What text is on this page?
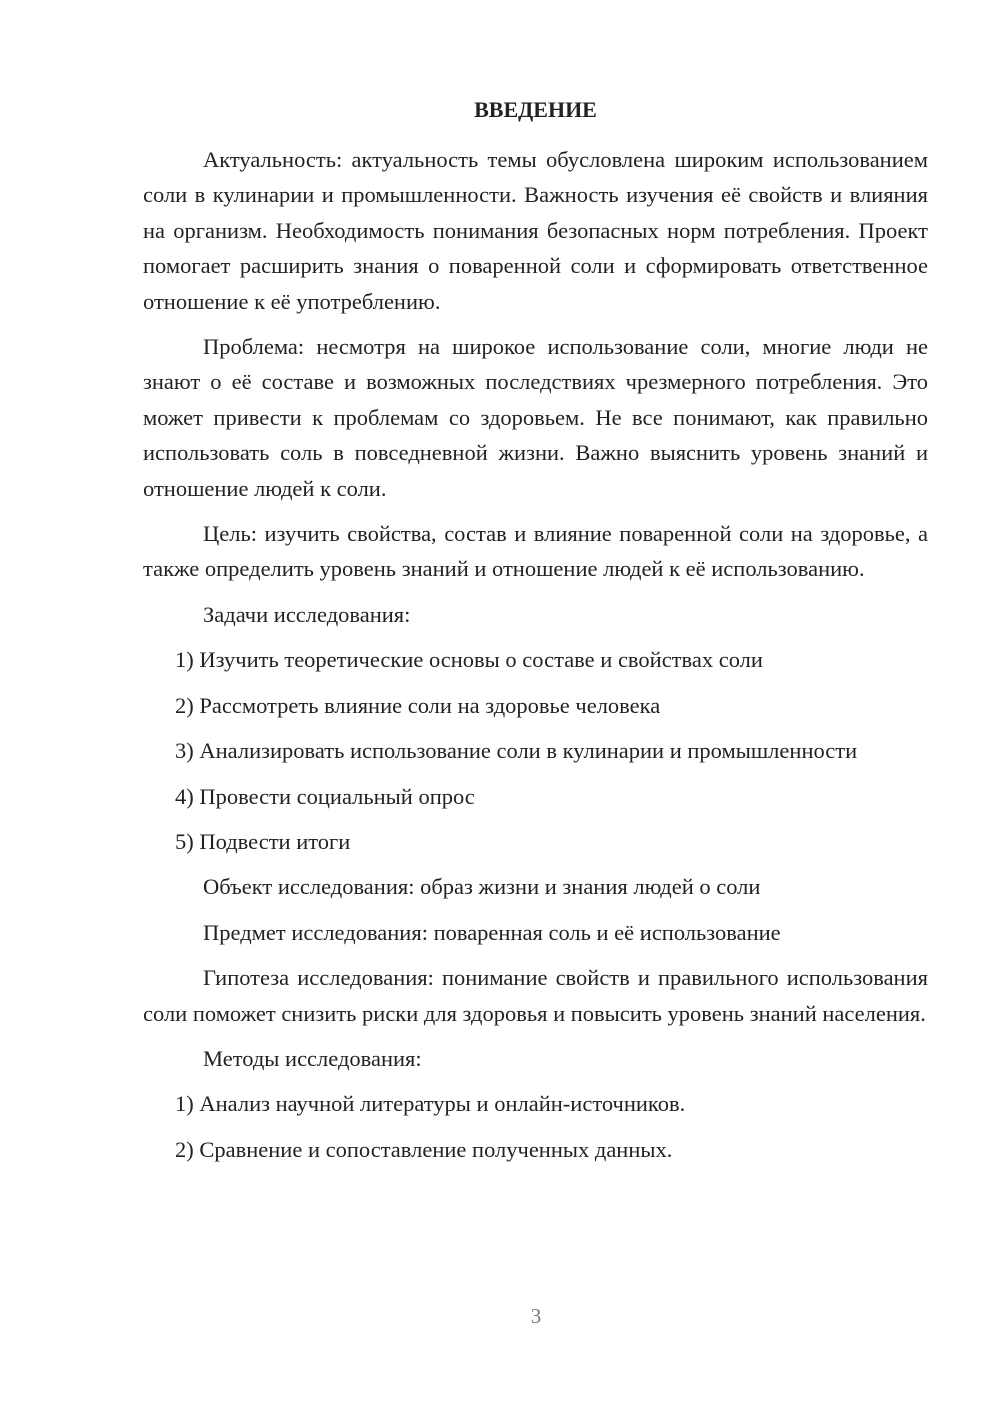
ВВЕДЕНИЕ

Актуальность: актуальность темы обусловлена широким использованием соли в кулинарии и промышленности. Важность изучения её свойств и влияния на организм. Необходимость понимания безопасных норм потребления. Проект помогает расширить знания о поваренной соли и сформировать ответственное отношение к её употреблению.

Проблема: несмотря на широкое использование соли, многие люди не знают о её составе и возможных последствиях чрезмерного потребления. Это может привести к проблемам со здоровьем. Не все понимают, как правильно использовать соль в повседневной жизни. Важно выяснить уровень знаний и отношение людей к соли.

Цель: изучить свойства, состав и влияние поваренной соли на здоровье, а также определить уровень знаний и отношение людей к её использованию.

Задачи исследования:

1) Изучить теоретические основы о составе и свойствах соли

2) Рассмотреть влияние соли на здоровье человека

3) Анализировать использование соли в кулинарии и промышленности

4) Провести социальный опрос

5) Подвести итоги

Объект исследования: образ жизни и знания людей о соли

Предмет исследования: поваренная соль и её использование

Гипотеза исследования: понимание свойств и правильного использования соли поможет снизить риски для здоровья и повысить уровень знаний населения.

Методы исследования:

1) Анализ научной литературы и онлайн-источников.

2) Сравнение и сопоставление полученных данных.

3
